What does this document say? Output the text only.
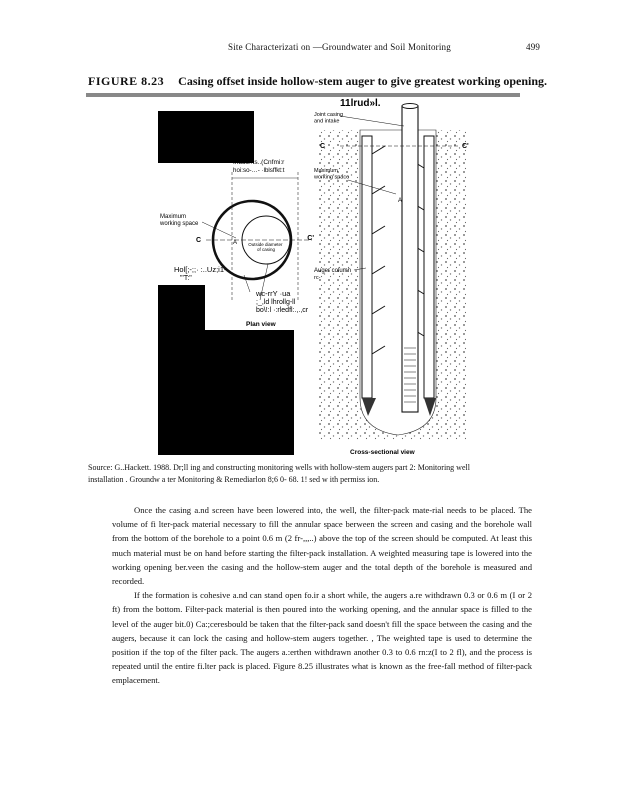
Site Characterizati on —Groundwater and Soil Monitoring	499
FIGURE 8.23 Casing offset inside hollow-stem auger to give greatest working opening.
Inddc::ts..(Cnfmi:r
hoi:so-…- ·lblsffkt:t
Maximum working space
C	C'
A Outside diameter of casing
Hol[;-;;· :..Uz;i1-
"'T:"
wc-rrY ·ua
;_,ld lhrollg-ll
bo\!:l ·:rledfl:.,.,cr
Plan view
11lrud»l.
Joint casing and intake
C	C'
Maximum working space
A
Auger column
rc-
Cross-sectional view
Source: G..Hackett. 1988. Dr;ll ing and constructing monitoring wells with hollow-stem augers part 2: Monitoring well
installation . Groundw a ter Monitoring & Remediarlon 8;6 0- 68. 1! sed w ith permiss ion.

Once the casing a.nd screen have been lowered into, the well, the filter-pack mate-rial needs to be placed. The volume of fi lter-pack material necessary to fill the annular space berween the screen and casing and the borehole wall from the bottom of the borehole to a point 0.6 m (2 fr-,,,..) above the top of the screen should be computed. At least this much material must be on hand before starting the filter-pack installation. A weighted measuring tape is lowered into the working opening ber.veen the casing and the hollow-stem auger and the total depth of the borehole is measured and recorded.

If the formation is cohesive a.nd can stand open fo.ir a short while, the augers a.re withdrawn 0.3 or 0.6 m (I or 2 ft) from the bottom. Filter-pack material is then poured into the working opening, and the annular space is filled to the level of the auger bit.0) Ca:;ceresbould be taken that the filter-pack sand doesn't fill the space between the casing and the augers, because it can lock the casing and hollow-stem augers together. , The weighted tape is used to determine the position if the top of the filter pack. The augers a.:erthen withdrawn another 0.3 to 0.6 rn:z(I to 2 fl), and the process is repeated until the entire fi.lter pack is placed. Figure 8.25 illustrates what is known as the free-fall method of filter-pack emplacement.
